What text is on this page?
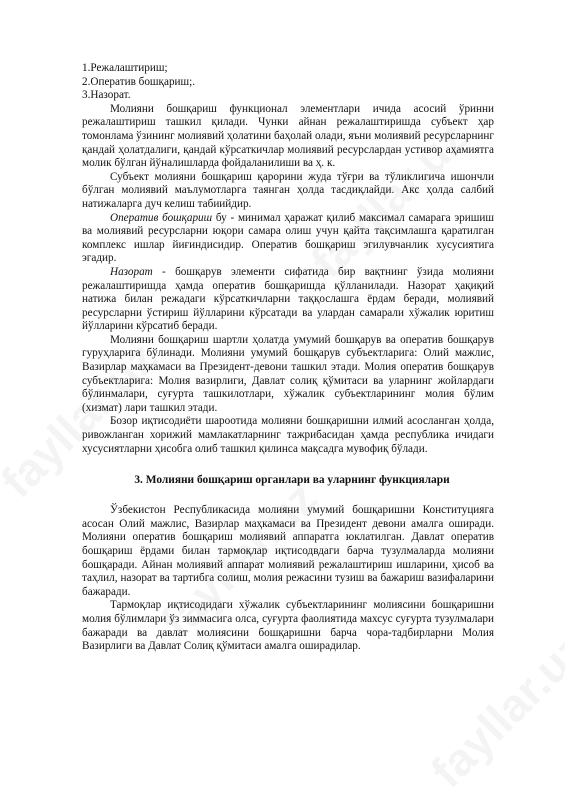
1.Режалаштириш;

2.Оператив бошқариш;.

3.Назорат.

Молияни бошқариш функционал элементлари ичида асосий ўринни режалаштириш ташкил қилади. Чунки айнан режалаштиришда субъект ҳар томонлама ўзининг молиявий ҳолатини баҳолай олади, яъни молиявий ресурсларнинг қандай ҳолатдалиги, қандай кўрсаткичлар молиявий ресурслардан устивор аҳамиятга молик бўлган йўналишларда фойдаланилиши ва ҳ. к.

Субъект молияни бошқариш қарорини жуда тўғри ва тўликлигича ишончли бўлган молиявий маълумотларга таянган ҳолда тасдиқлайди. Акс ҳолда салбий натижаларга дуч келиш табиийдир.

Оператив бошқариш бу - минимал ҳаражат қилиб максимал самарага эришиш ва молиявий ресурсларни юқори самара олиш учун қайта тақсимлашга қаратилган комплекс ишлар йиғиндисидир. Оператив бошқариш эгилувчанлик хусусиятига эгадир.

Назорат - бошқарув элементи сифатида бир вақтнинг ўзида молияни режалаштиришда ҳамда оператив бошқаришда қўлланилади. Назорат ҳақиқий натижа билан режадаги кўрсаткичларни таққослашга ёрдам беради, молиявий ресурсларни ўстириш йўлларини кўрсатади ва улардан самарали хўжалик юритиш йўлларини кўрсатиб беради.

Молияни бошқариш шартли ҳолатда умумий бошқарув ва оператив бошқарув гуруҳларига бўлинади. Молияни умумий бошқарув субъектларига: Олий мажлис, Вазирлар маҳкамаси ва Президент-девони ташкил этади. Молия оператив бошқарув субъектларига: Молия вазирлиги, Давлат солиқ қўмитаси ва уларнинг жойлардаги бўлинмалари, суғурта ташкилотлари, хўжалик субъектларининг молия бўлим (хизмат) лари ташкил этади.

Бозор иқтисодиёти шароотида молияни бошқаришни илмий асосланган ҳолда, ривожланган хорижий мамлакатларнинг тажрибасидан ҳамда республика ичидаги хусусиятларни ҳисобга олиб ташкил қилинса мақсадга мувофиқ бўлади.

3. Молияни бошқариш органлари ва уларнинг функциялари

Ўзбекистон Республикасида молияни умумий бошқаришни Конституцияга асосан Олий мажлис, Вазирлар маҳкамаси ва Президент девони амалга оширади. Молияни оператив бошқариш молиявий аппаратга юклатилган. Давлат оператив бошқариш ёрдами билан тармоқлар иқтисодвдаги барча тузулмаларда молияни бошқаради. Айнан молиявий аппарат молиявий режалаштириш ишларини, ҳисоб ва таҳлил, назорат ва тартибга солиш, молия режасини тузиш ва бажариш вазифаларини бажаради.

Тармоқлар иқтисодидаги хўжалик субъектларининг молиясини бошқаришни молия бўлимлари ўз зиммасига олса, суғурта фаолиятида махсус суғурта тузулмалари бажаради ва давлат молиясини бошқаришни барча чора-тадбирларни Молия Вазирлиги ва Давлат Солиқ қўмитаси амалга оширадилар.
